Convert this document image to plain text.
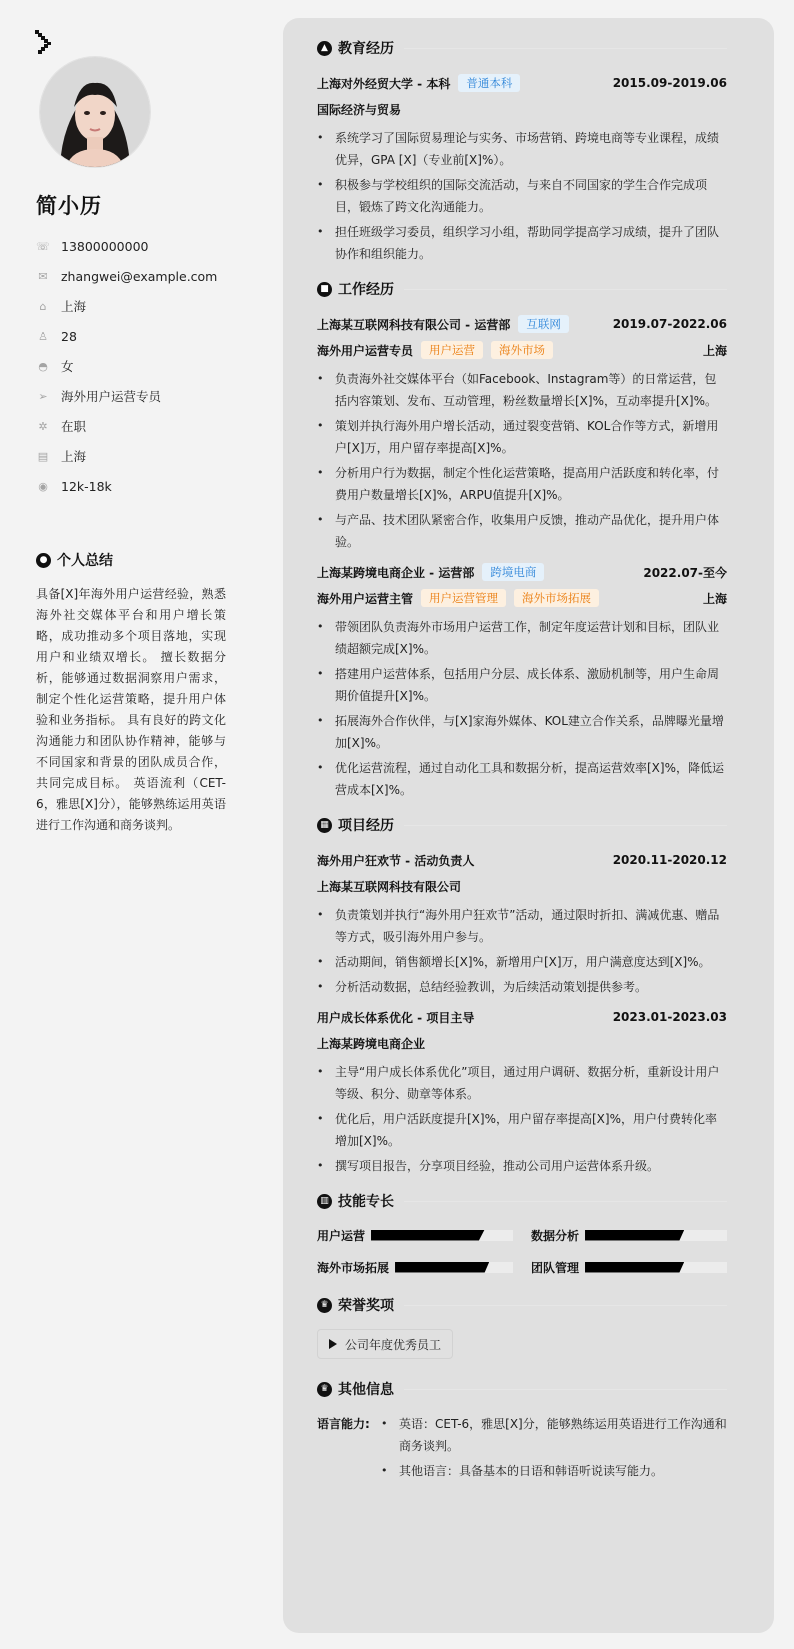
简小历
☏ 13800000000
✉ zhangwei@example.com
⌂ 上海
♙ 28
◓ 女
➢ 海外用户运营专员
✲ 在职
▤ 上海
◉ 12k-18k
● 个人总结
具备[X]年海外用户运营经验，熟悉海外社交媒体平台和用户增长策略，成功推动多个项目落地，实现用户和业绩双增长。 擅长数据分析，能够通过数据洞察用户需求，制定个性化运营策略，提升用户体验和业务指标。 具有良好的跨文化沟通能力和团队协作精神，能够与不同国家和背景的团队成员合作，共同完成目标。 英语流利（CET-6，雅思[X]分），能够熟练运用英语进行工作沟通和商务谈判。
▲ 教育经历
上海对外经贸大学 - 本科	普通本科	2015.09-2019.06
国际经济与贸易
• 系统学习了国际贸易理论与实务、市场营销、跨境电商等专业课程，成绩优异，GPA [X]（专业前[X]%）。
• 积极参与学校组织的国际交流活动，与来自不同国家的学生合作完成项目，锻炼了跨文化沟通能力。
• 担任班级学习委员，组织学习小组，帮助同学提高学习成绩，提升了团队协作和组织能力。
■ 工作经历
上海某互联网科技有限公司 - 运营部	互联网	2019.07-2022.06
海外用户运营专员	用户运营	海外市场	上海
• 负责海外社交媒体平台（如Facebook、Instagram等）的日常运营，包括内容策划、发布、互动管理，粉丝数量增长[X]%，互动率提升[X]%。
• 策划并执行海外用户增长活动，通过裂变营销、KOL合作等方式，新增用户[X]万，用户留存率提高[X]%。
• 分析用户行为数据，制定个性化运营策略，提高用户活跃度和转化率，付费用户数量增长[X]%，ARPU值提升[X]%。
• 与产品、技术团队紧密合作，收集用户反馈，推动产品优化，提升用户体验。
上海某跨境电商企业 - 运营部	跨境电商	2022.07-至今
海外用户运营主管	用户运营管理	海外市场拓展	上海
• 带领团队负责海外市场用户运营工作，制定年度运营计划和目标，团队业绩超额完成[X]%。
• 搭建用户运营体系，包括用户分层、成长体系、激励机制等，用户生命周期价值提升[X]%。
• 拓展海外合作伙伴，与[X]家海外媒体、KOL建立合作关系，品牌曝光量增加[X]%。
• 优化运营流程，通过自动化工具和数据分析，提高运营效率[X]%，降低运营成本[X]%。
▦ 项目经历
海外用户狂欢节 - 活动负责人	2020.11-2020.12
上海某互联网科技有限公司
• 负责策划并执行“海外用户狂欢节”活动，通过限时折扣、满减优惠、赠品等方式，吸引海外用户参与。
• 活动期间，销售额增长[X]%，新增用户[X]万，用户满意度达到[X]%。
• 分析活动数据，总结经验教训，为后续活动策划提供参考。
用户成长体系优化 - 项目主导	2023.01-2023.03
上海某跨境电商企业
• 主导“用户成长体系优化”项目，通过用户调研、数据分析，重新设计用户等级、积分、勋章等体系。
• 优化后，用户活跃度提升[X]%，用户留存率提高[X]%，用户付费转化率增加[X]%。
• 撰写项目报告，分享项目经验，推动公司用户运营体系升级。
▥ 技能专长
用户运营	数据分析
海外市场拓展	团队管理
♛ 荣誉奖项
公司年度优秀员工
♛ 其他信息
语言能力:
•	英语：CET-6，雅思[X]分，能够熟练运用英语进行工作沟通和商务谈判。
• 其他语言：具备基本的日语和韩语听说读写能力。
